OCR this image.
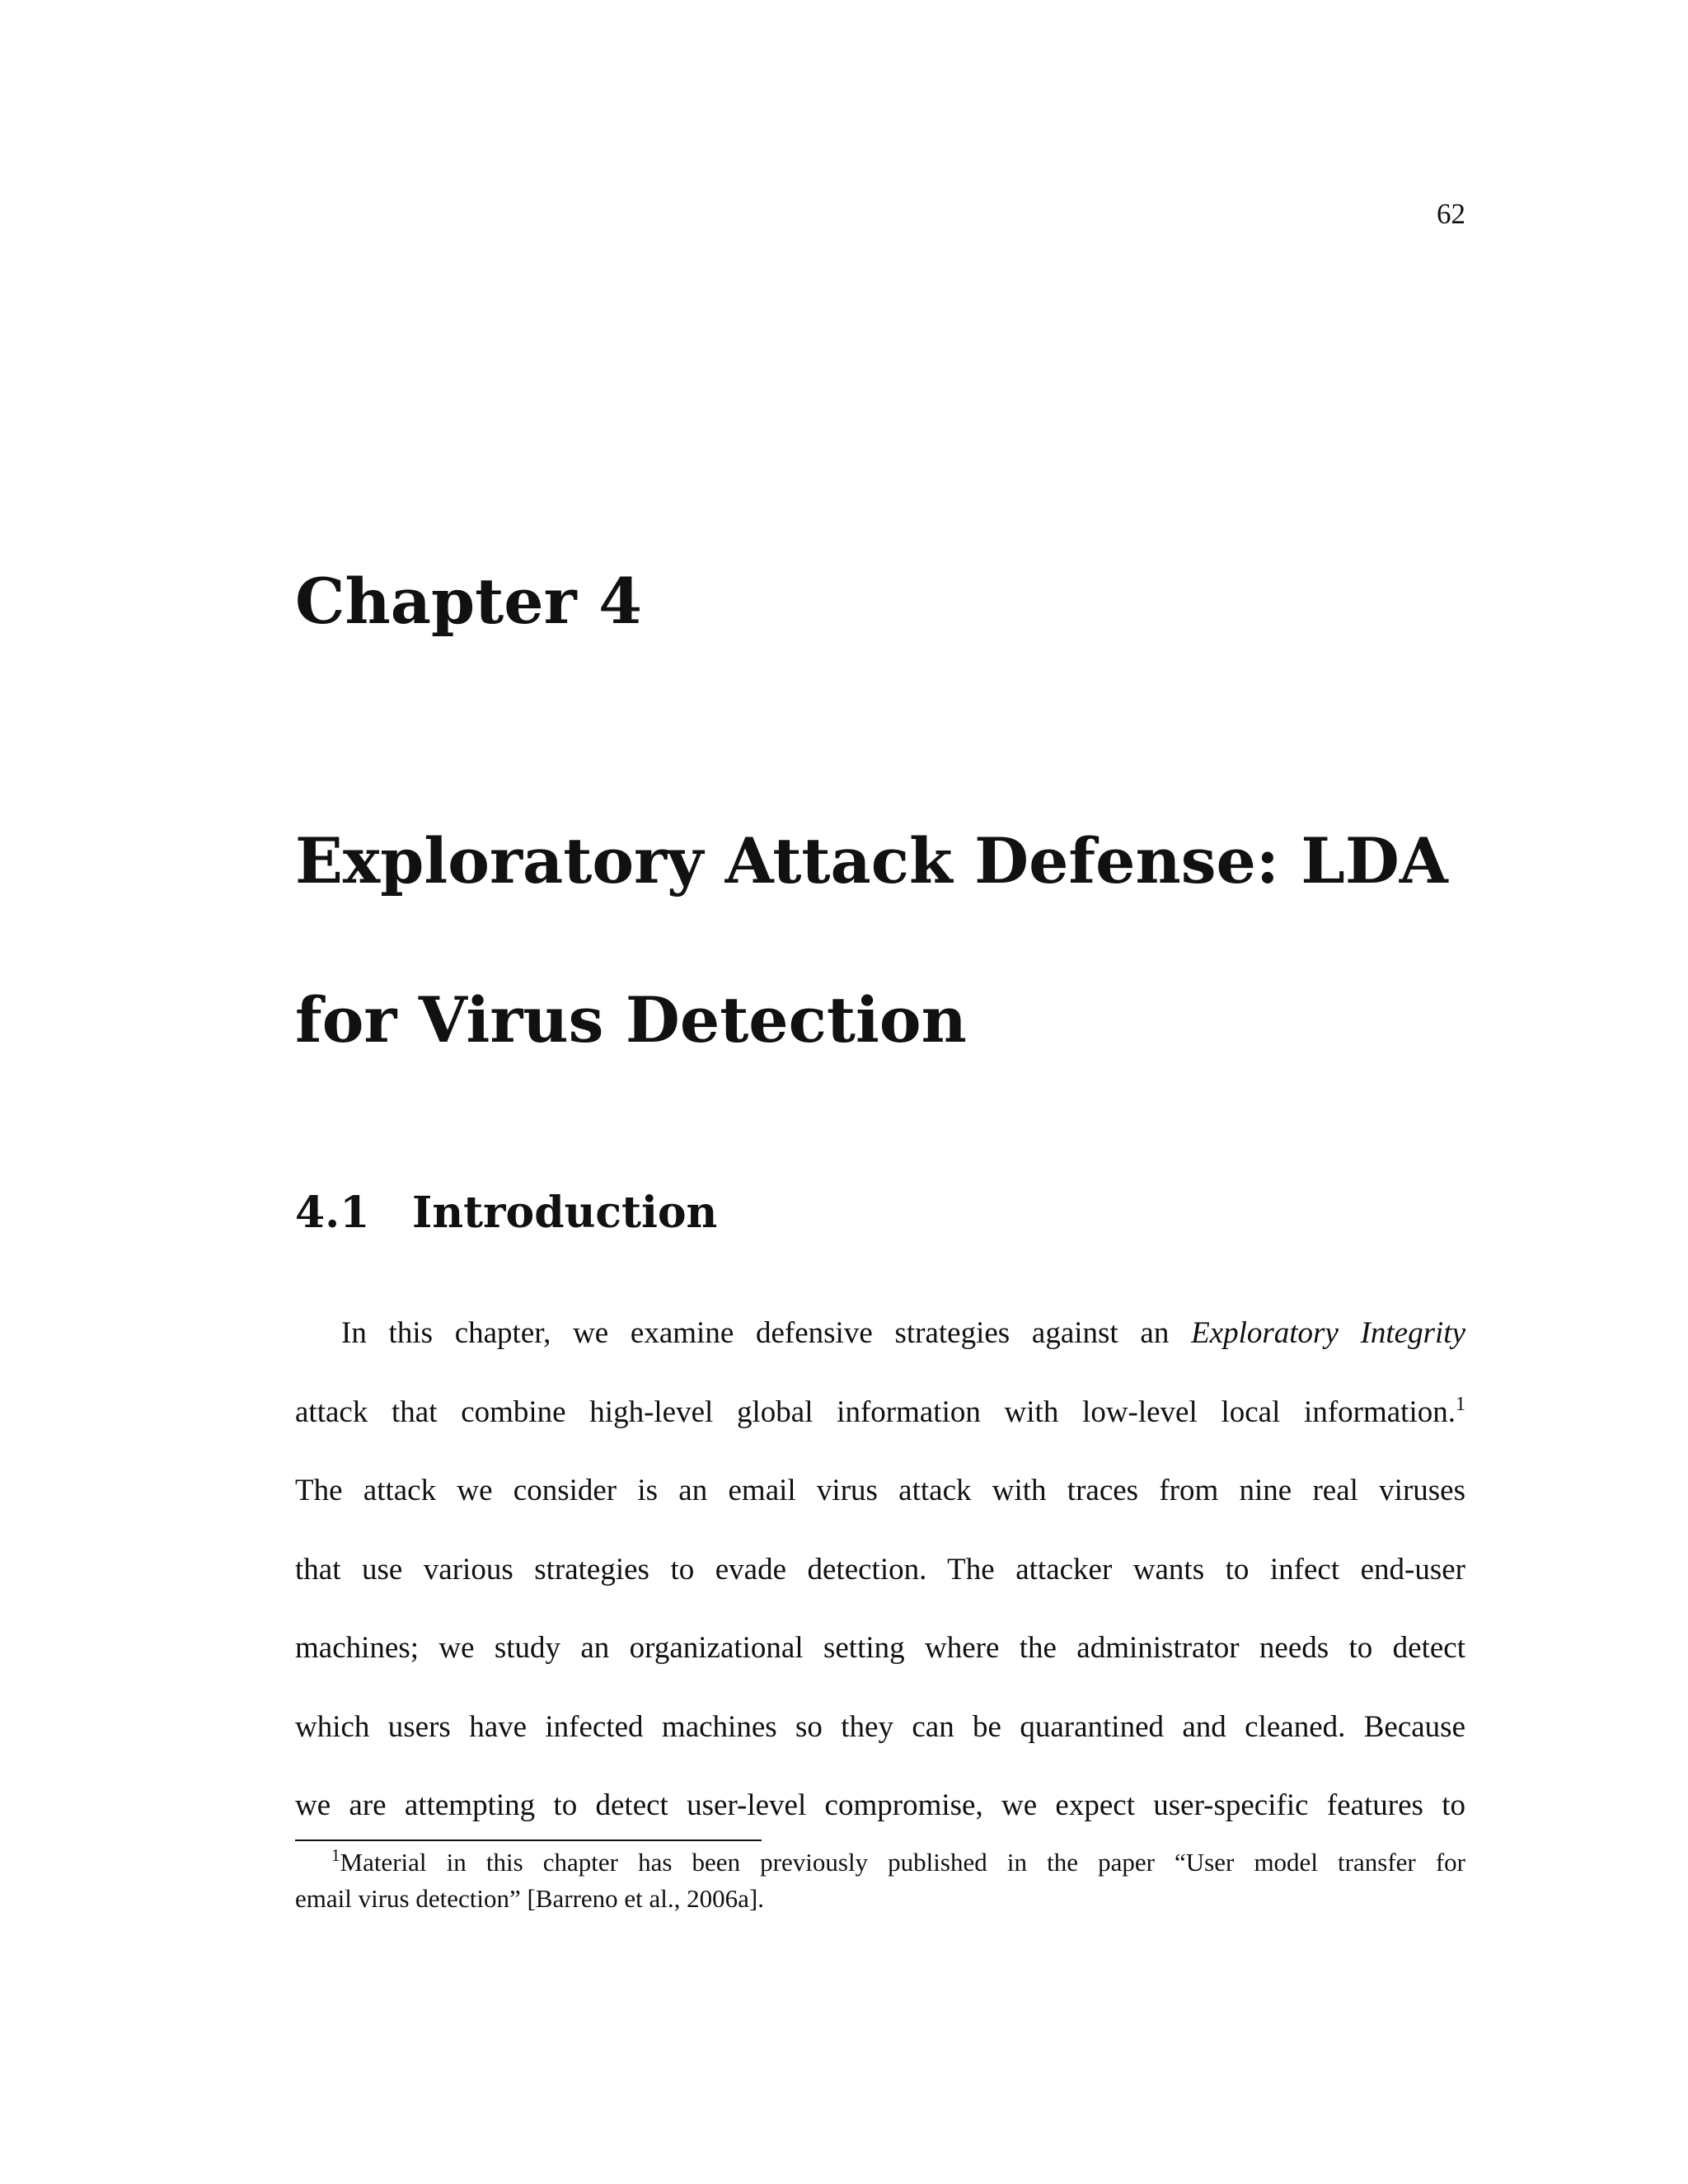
62
Chapter 4
Exploratory Attack Defense: LDA
for Virus Detection
4.1 Introduction
In this chapter, we examine defensive strategies against an Exploratory Integrity
attack that combine high-level global information with low-level local information.$^1$
The attack we consider is an email virus attack with traces from nine real viruses
that use various strategies to evade detection. The attacker wants to infect end-user
machines; we study an organizational setting where the administrator needs to detect
which users have infected machines so they can be quarantined and cleaned. Because
we are attempting to detect user-level compromise, we expect user-specific features to
$^1$Material in this chapter has been previously published in the paper “User model transfer for
email virus detection” [Barreno et al., 2006a].
